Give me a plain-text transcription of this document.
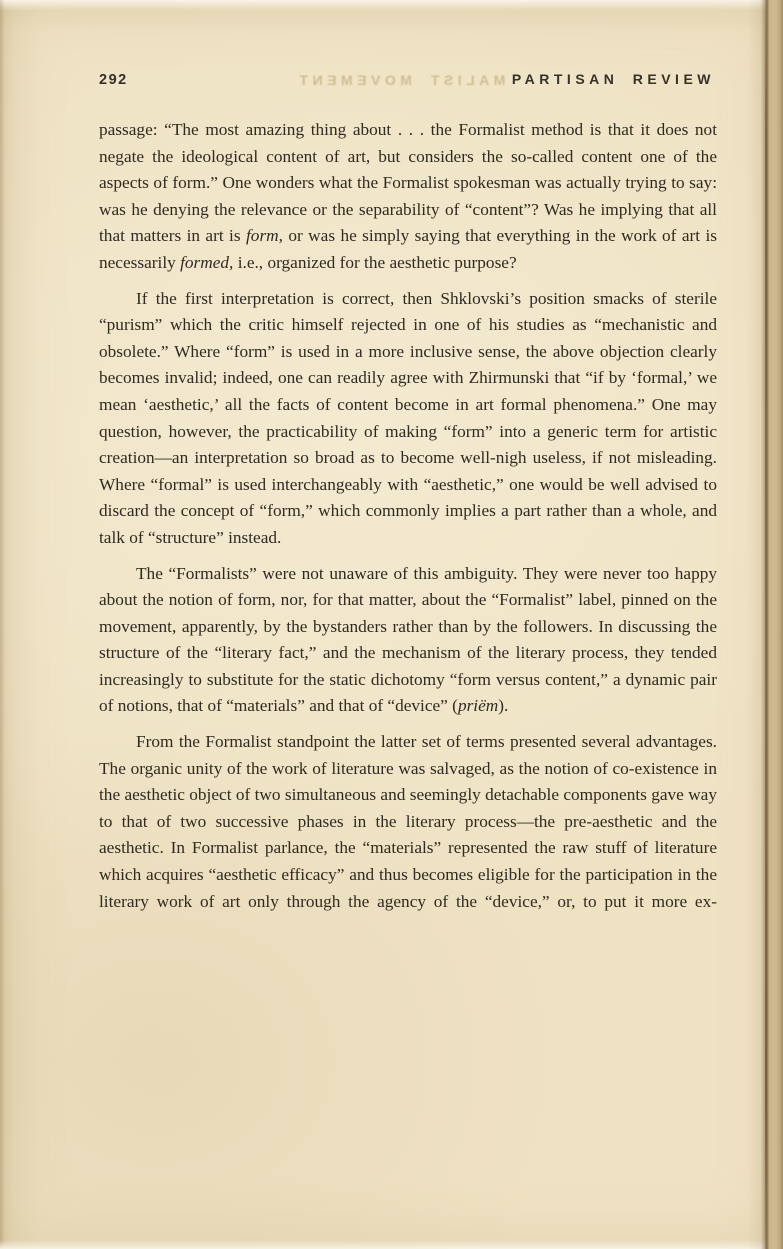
292	MALIST MOVEMENT PARTISAN REVIEW

passage: “The most amazing thing about . . . the Formalist method is that it does not negate the ideological content of art, but considers the so-called content one of the aspects of form.” One wonders what the Formalist spokesman was actually trying to say: was he denying the relevance or the separability of “content”? Was he implying that all that matters in art is form, or was he simply saying that everything in the work of art is necessarily formed, i.e., organized for the aesthetic purpose?

If the first interpretation is correct, then Shklovski’s position smacks of sterile “purism” which the critic himself rejected in one of his studies as “mechanistic and obsolete.” Where “form” is used in a more inclusive sense, the above objection clearly becomes invalid; indeed, one can readily agree with Zhirmunski that “if by ‘formal,’ we mean ‘aesthetic,’ all the facts of content become in art formal phenomena.” One may question, however, the practicability of making “form” into a generic term for artistic creation—an interpretation so broad as to become well-nigh useless, if not misleading. Where “formal” is used interchangeably with “aesthetic,” one would be well advised to discard the concept of “form,” which commonly implies a part rather than a whole, and talk of “structure” instead.

The “Formalists” were not unaware of this ambiguity. They were never too happy about the notion of form, nor, for that matter, about the “Formalist” label, pinned on the movement, apparently, by the bystanders rather than by the followers. In discussing the structure of the “literary fact,” and the mechanism of the literary process, they tended increasingly to substitute for the static dichotomy “form versus content,” a dynamic pair of notions, that of “materials” and that of “device” (priëm).

From the Formalist standpoint the latter set of terms presented several advantages. The organic unity of the work of literature was salvaged, as the notion of co-existence in the aesthetic object of two simultaneous and seemingly detachable components gave way to that of two successive phases in the literary process—the pre-aesthetic and the aesthetic. In Formalist parlance, the “materials” represented the raw stuff of literature which acquires “aesthetic efficacy” and thus becomes eligible for the participation in the literary work of art only through the agency of the “device,” or, to put it more ex-
